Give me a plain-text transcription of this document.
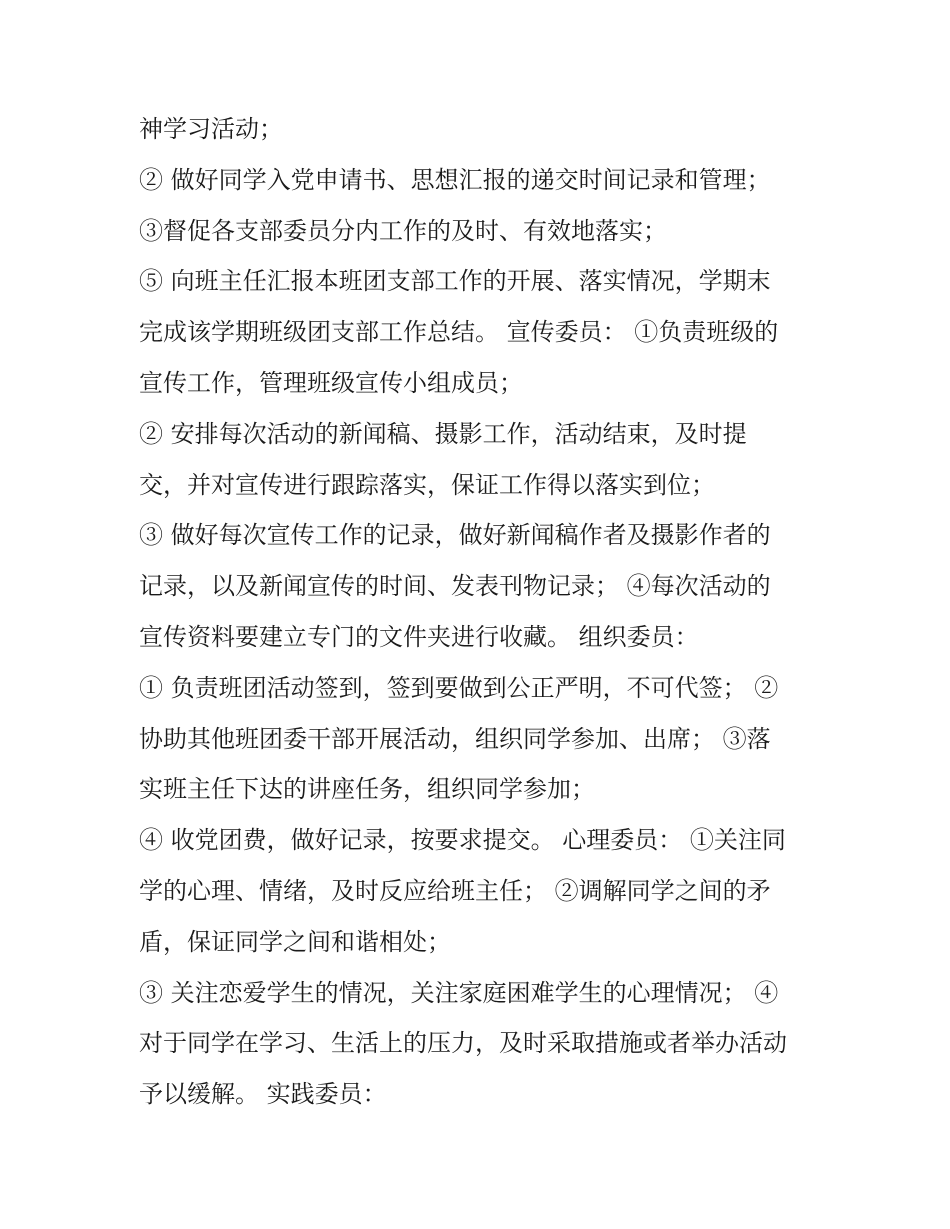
神学习活动；

② 做好同学入党申请书、思想汇报的递交时间记录和管理；

③督促各支部委员分内工作的及时、有效地落实；

⑤ 向班主任汇报本班团支部工作的开展、落实情况，学期末

完成该学期班级团支部工作总结。 宣传委员： ①负责班级的

宣传工作，管理班级宣传小组成员；

② 安排每次活动的新闻稿、摄影工作，活动结束，及时提

交，并对宣传进行跟踪落实，保证工作得以落实到位；

③ 做好每次宣传工作的记录，做好新闻稿作者及摄影作者的

记录，以及新闻宣传的时间、发表刊物记录； ④每次活动的

宣传资料要建立专门的文件夹进行收藏。 组织委员：

① 负责班团活动签到，签到要做到公正严明，不可代签； ②

协助其他班团委干部开展活动，组织同学参加、出席； ③落

实班主任下达的讲座任务，组织同学参加；

④ 收党团费，做好记录，按要求提交。 心理委员： ①关注同

学的心理、情绪，及时反应给班主任； ②调解同学之间的矛

盾，保证同学之间和谐相处；

③ 关注恋爱学生的情况，关注家庭困难学生的心理情况； ④

对于同学在学习、生活上的压力，及时采取措施或者举办活动

予以缓解。 实践委员：
